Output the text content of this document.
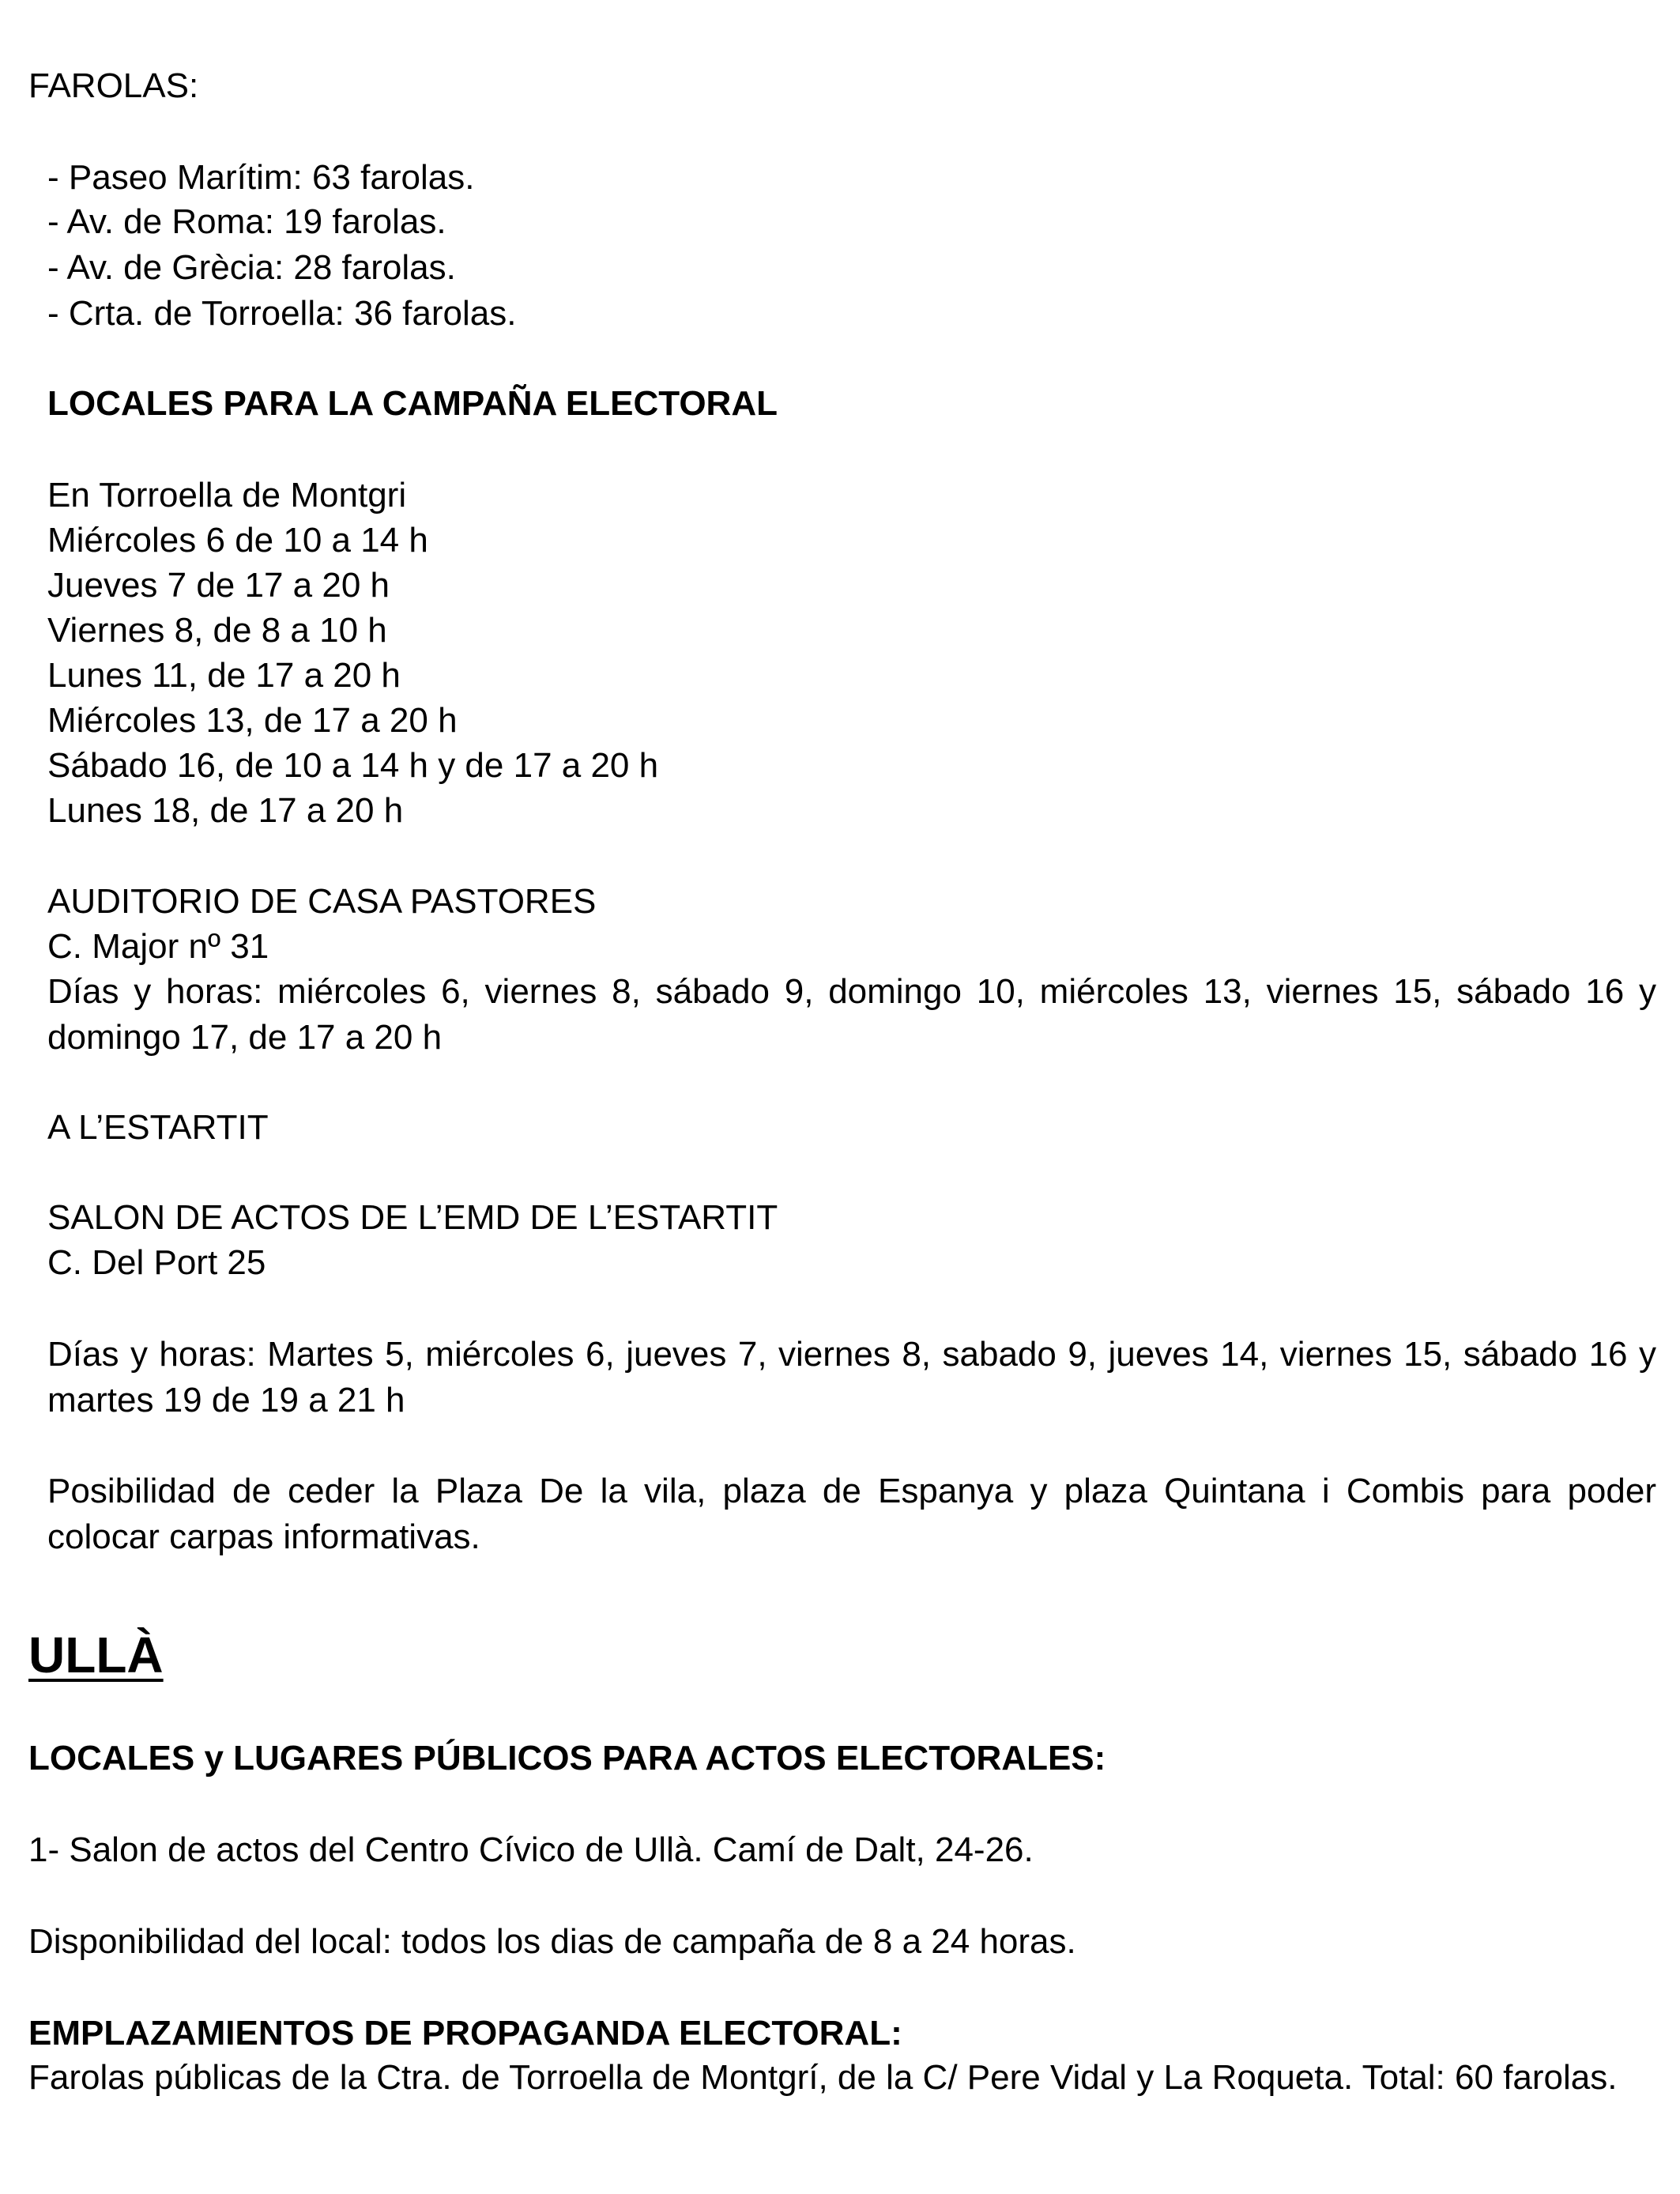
FAROLAS:

- Paseo Marítim: 63 farolas.

- Av. de Roma: 19 farolas.

- Av. de Grècia: 28 farolas.

- Crta. de Torroella: 36 farolas.

LOCALES PARA LA CAMPAÑA ELECTORAL

En Torroella de Montgri

Miércoles 6 de 10 a 14 h

Jueves 7 de 17 a 20 h

Viernes 8, de 8 a 10 h

Lunes 11, de 17 a 20 h

Miércoles 13, de 17 a 20 h

Sábado 16, de 10 a 14 h y de 17 a 20 h

Lunes 18, de 17 a 20 h

AUDITORIO DE CASA PASTORES

C. Major nº 31

Días y horas: miércoles 6, viernes 8, sábado 9, domingo 10, miércoles 13, viernes 15, sábado 16 y domingo 17, de 17 a 20 h

A L’ESTARTIT

SALON DE ACTOS DE L’EMD DE L’ESTARTIT

C. Del Port 25

Días y horas: Martes 5, miércoles 6, jueves 7, viernes 8, sabado 9, jueves 14, viernes 15, sábado 16 y martes 19 de 19 a 21 h

Posibilidad de ceder la Plaza De la vila, plaza de Espanya y plaza Quintana i Combis para poder colocar carpas informativas.

ULLÀ

LOCALES y LUGARES PÚBLICOS PARA ACTOS ELECTORALES:

1- Salon de actos del Centro Cívico de Ullà. Camí de Dalt, 24-26.

Disponibilidad del local: todos los dias de campaña de 8 a 24 horas.

EMPLAZAMIENTOS DE PROPAGANDA ELECTORAL:

Farolas públicas de la Ctra. de Torroella de Montgrí, de la C/ Pere Vidal y La Roqueta. Total: 60 farolas.
